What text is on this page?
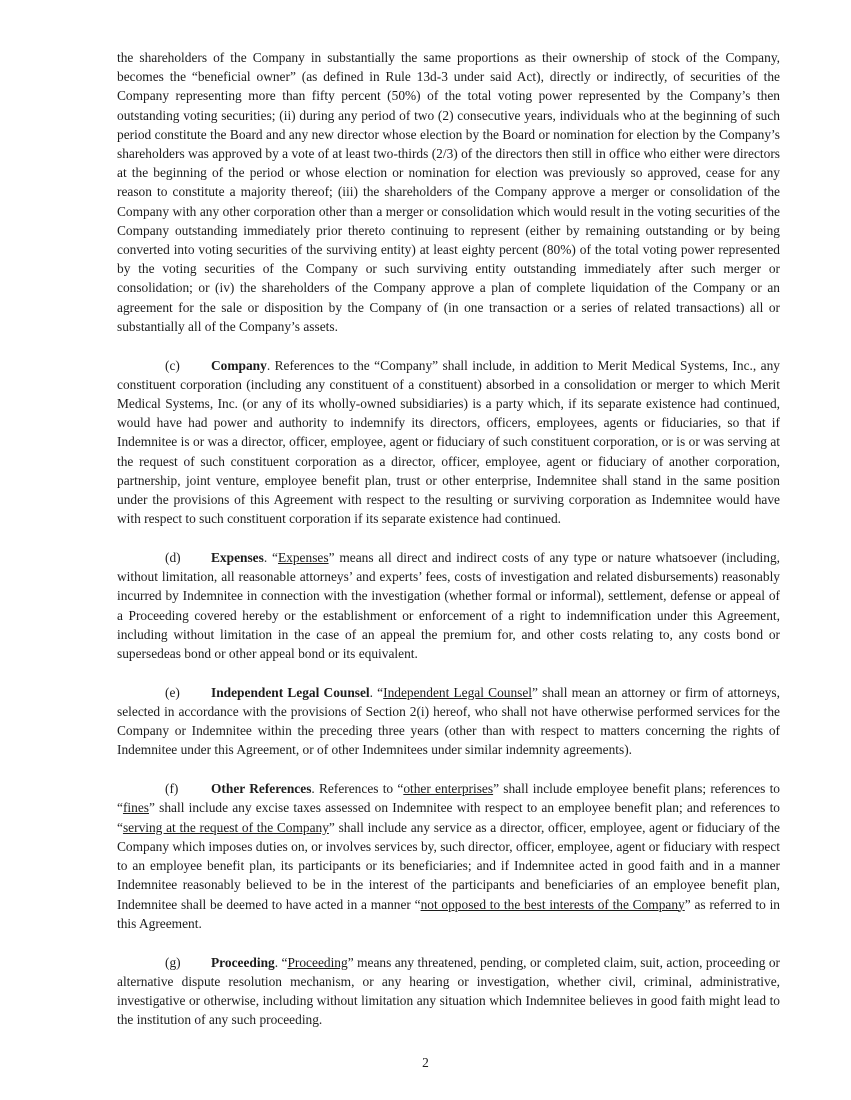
the shareholders of the Company in substantially the same proportions as their ownership of stock of the Company, becomes the “beneficial owner” (as defined in Rule 13d-3 under said Act), directly or indirectly, of securities of the Company representing more than fifty percent (50%) of the total voting power represented by the Company’s then outstanding voting securities; (ii) during any period of two (2) consecutive years, individuals who at the beginning of such period constitute the Board and any new director whose election by the Board or nomination for election by the Company’s shareholders was approved by a vote of at least two-thirds (2/3) of the directors then still in office who either were directors at the beginning of the period or whose election or nomination for election was previously so approved, cease for any reason to constitute a majority thereof; (iii) the shareholders of the Company approve a merger or consolidation of the Company with any other corporation other than a merger or consolidation which would result in the voting securities of the Company outstanding immediately prior thereto continuing to represent (either by remaining outstanding or by being converted into voting securities of the surviving entity) at least eighty percent (80%) of the total voting power represented by the voting securities of the Company or such surviving entity outstanding immediately after such merger or consolidation; or (iv) the shareholders of the Company approve a plan of complete liquidation of the Company or an agreement for the sale or disposition by the Company of (in one transaction or a series of related transactions) all or substantially all of the Company’s assets.

(c) Company. References to the “Company” shall include, in addition to Merit Medical Systems, Inc., any constituent corporation (including any constituent of a constituent) absorbed in a consolidation or merger to which Merit Medical Systems, Inc. (or any of its wholly-owned subsidiaries) is a party which, if its separate existence had continued, would have had power and authority to indemnify its directors, officers, employees, agents or fiduciaries, so that if Indemnitee is or was a director, officer, employee, agent or fiduciary of such constituent corporation, or is or was serving at the request of such constituent corporation as a director, officer, employee, agent or fiduciary of another corporation, partnership, joint venture, employee benefit plan, trust or other enterprise, Indemnitee shall stand in the same position under the provisions of this Agreement with respect to the resulting or surviving corporation as Indemnitee would have with respect to such constituent corporation if its separate existence had continued.

(d) Expenses. “Expenses” means all direct and indirect costs of any type or nature whatsoever (including, without limitation, all reasonable attorneys’ and experts’ fees, costs of investigation and related disbursements) reasonably incurred by Indemnitee in connection with the investigation (whether formal or informal), settlement, defense or appeal of a Proceeding covered hereby or the establishment or enforcement of a right to indemnification under this Agreement, including without limitation in the case of an appeal the premium for, and other costs relating to, any costs bond or supersedeas bond or other appeal bond or its equivalent.

(e) Independent Legal Counsel. “Independent Legal Counsel” shall mean an attorney or firm of attorneys, selected in accordance with the provisions of Section 2(i) hereof, who shall not have otherwise performed services for the Company or Indemnitee within the preceding three years (other than with respect to matters concerning the rights of Indemnitee under this Agreement, or of other Indemnitees under similar indemnity agreements).

(f) Other References. References to “other enterprises” shall include employee benefit plans; references to “fines” shall include any excise taxes assessed on Indemnitee with respect to an employee benefit plan; and references to “serving at the request of the Company” shall include any service as a director, officer, employee, agent or fiduciary of the Company which imposes duties on, or involves services by, such director, officer, employee, agent or fiduciary with respect to an employee benefit plan, its participants or its beneficiaries; and if Indemnitee acted in good faith and in a manner Indemnitee reasonably believed to be in the interest of the participants and beneficiaries of an employee benefit plan, Indemnitee shall be deemed to have acted in a manner “not opposed to the best interests of the Company” as referred to in this Agreement.

(g) Proceeding. “Proceeding” means any threatened, pending, or completed claim, suit, action, proceeding or alternative dispute resolution mechanism, or any hearing or investigation, whether civil, criminal, administrative, investigative or otherwise, including without limitation any situation which Indemnitee believes in good faith might lead to the institution of any such proceeding.

2
